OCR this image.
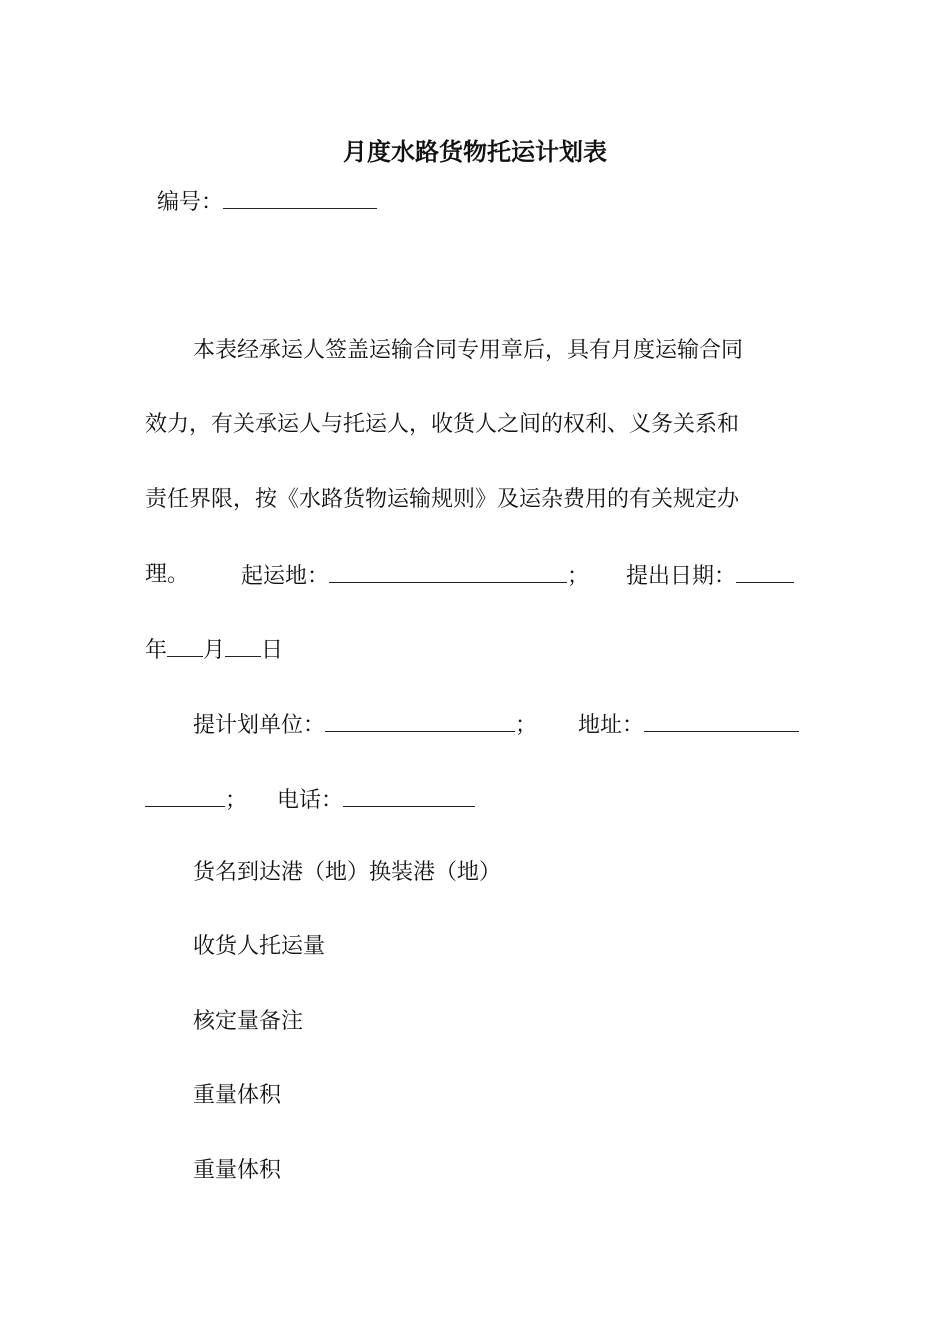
月度水路货物托运计划表
编号：
本表经承运人签盖运输合同专用章后，具有月度运输合同
效力，有关承运人与托运人，收货人之间的权利、义务关系和
责任界限，按《水路货物运输规则》及运杂费用的有关规定办
理。 起运地：	； 提出日期：
年 月 日
提计划单位：	； 地址：
； 电话：
货名到达港（地）换装港（地）
收货人托运量
核定量备注
重量体积
重量体积
